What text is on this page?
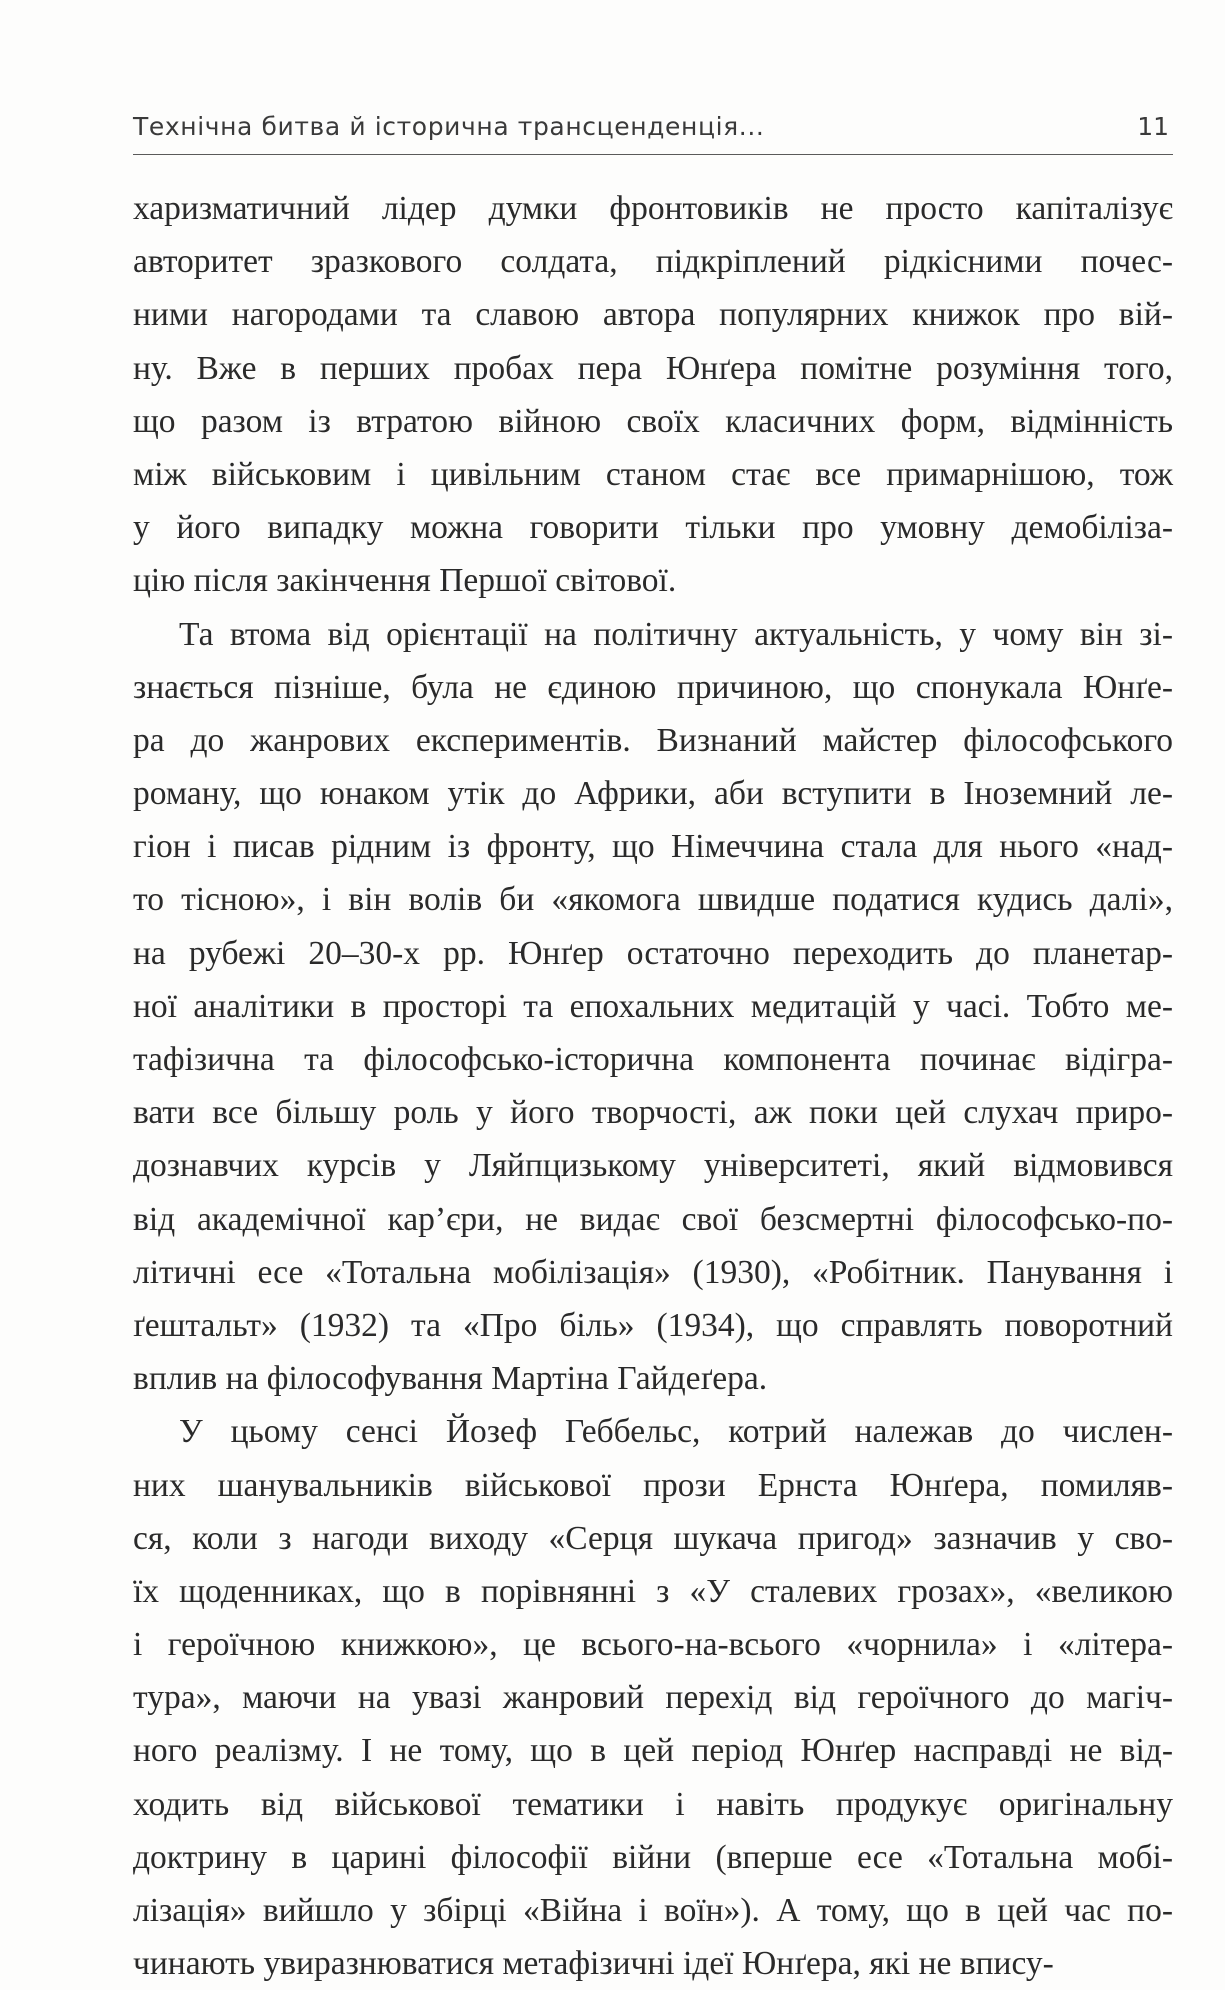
Технічна битва й історична трансценденція...	11
харизматичний лідер думки фронтовиків не просто капіталізує
авторитет зразкового солдата, підкріплений рідкісними почес-
ними нагородами та славою автора популярних книжок про вій-
ну. Вже в перших пробах пера Юнґера помітне розуміння того,
що разом із втратою війною своїх класичних форм, відмінність
між військовим і цивільним станом стає все примарнішою, тож
у його випадку можна говорити тільки про умовну демобіліза-
цію після закінчення Першої світової.
Та втома від орієнтації на політичну актуальність, у чому він зі-
знається пізніше, була не єдиною причиною, що спонукала Юнґе-
ра до жанрових експериментів. Визнаний майстер філософського
роману, що юнаком утік до Африки, аби вступити в Іноземний ле-
гіон і писав рідним із фронту, що Німеччина стала для нього «над-
то тісною», і він волів би «якомога швидше податися кудись далі»,
на рубежі 20–30-х рр. Юнґер остаточно переходить до планетар-
ної аналітики в просторі та епохальних медитацій у часі. Тобто ме-
тафізична та філософсько-історична компонента починає відігра-
вати все більшу роль у його творчості, аж поки цей слухач приро-
дознавчих курсів у Ляйпцизькому університеті, який відмовився
від академічної кар’єри, не видає свої безсмертні філософсько-по-
літичні есе «Тотальна мобілізація» (1930), «Робітник. Панування і
ґештальт» (1932) та «Про біль» (1934), що справлять поворотний
вплив на філософування Мартіна Гайдеґера.
У цьому сенсі Йозеф Геббельс, котрий належав до числен-
них шанувальників військової прози Ернста Юнґера, помиляв-
ся, коли з нагоди виходу «Серця шукача пригод» зазначив у сво-
їх щоденниках, що в порівнянні з «У сталевих грозах», «великою
і героїчною книжкою», це всього-на-всього «чорнила» і «літера-
тура», маючи на увазі жанровий перехід від героїчного до магіч-
ного реалізму. І не тому, що в цей період Юнґер насправді не від-
ходить від військової тематики і навіть продукує оригінальну
доктрину в царині філософії війни (вперше есе «Тотальна мобі-
лізація» вийшло у збірці «Війна і воїн»). А тому, що в цей час по-
чинають увиразнюватися метафізичні ідеї Юнґера, які не впису-
